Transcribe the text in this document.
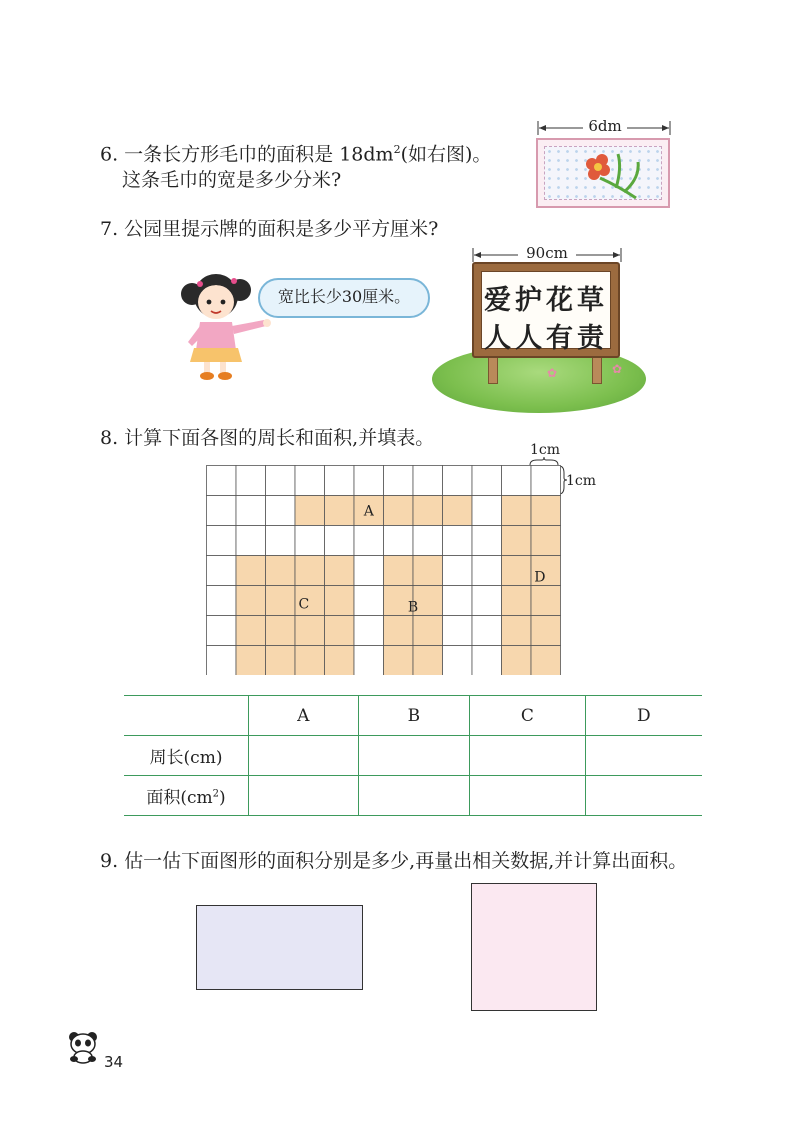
6. 一条长方形毛巾的面积是 $18dm^2$(如右图)。
这条毛巾的宽是多少分米?
6dm
7. 公园里提示牌的面积是多少平方厘米?
✿	✿
90cm
爱护花草
人人有责
宽比长少30厘米。
8. 计算下面各图的周长和面积,并填表。
1cm
1cm
A
B
C
D
	A	B	C	D
周长(cm)				
面积$(cm^2)$				
9. 估一估下面图形的面积分别是多少,再量出相关数据,并计算出面积。
34
